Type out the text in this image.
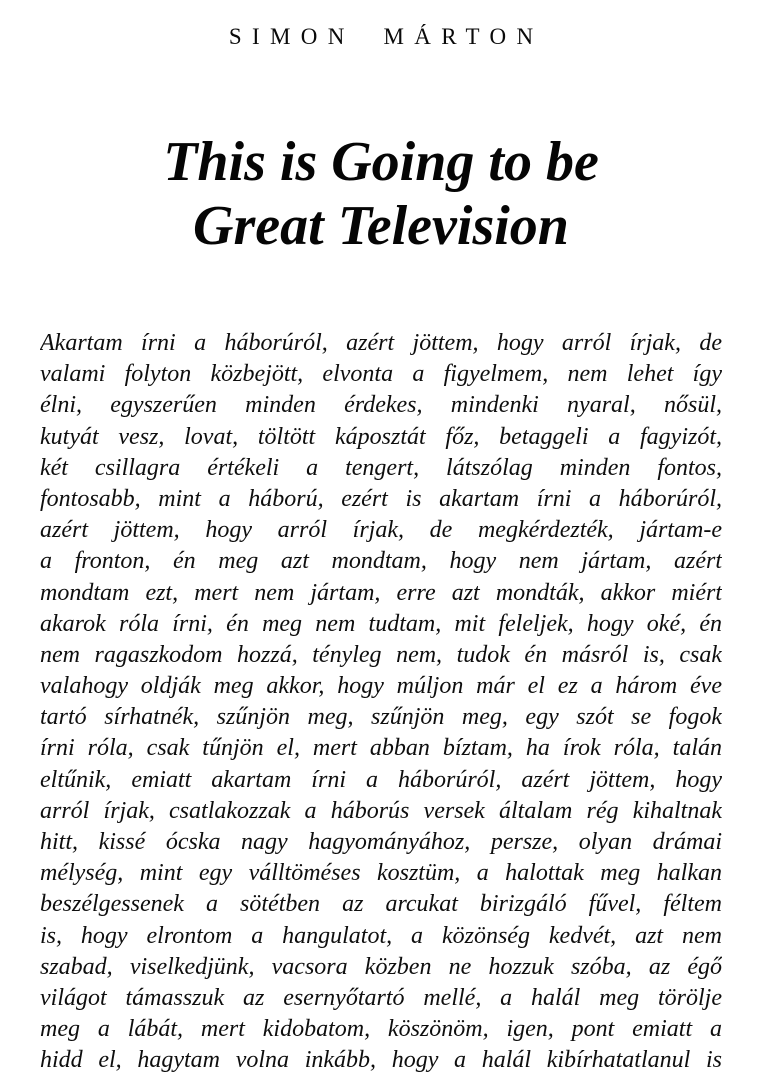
SIMON MÁRTON
This is Going to be
Great Television
Akartam írni a háborúról, azért jöttem, hogy arról írjak, de
valami folyton közbejött, elvonta a figyelmem, nem lehet így
élni, egyszerűen minden érdekes, mindenki nyaral, nősül,
kutyát vesz, lovat, töltött káposztát főz, betaggeli a fagyizót,
két csillagra értékeli a tengert, látszólag minden fontos,
fontosabb, mint a háború, ezért is akartam írni a háborúról,
azért jöttem, hogy arról írjak, de megkérdezték, jártam-e
a fronton, én meg azt mondtam, hogy nem jártam, azért
mondtam ezt, mert nem jártam, erre azt mondták, akkor miért
akarok róla írni, én meg nem tudtam, mit feleljek, hogy oké, én
nem ragaszkodom hozzá, tényleg nem, tudok én másról is, csak
valahogy oldják meg akkor, hogy múljon már el ez a három éve
tartó sírhatnék, szűnjön meg, szűnjön meg, egy szót se fogok
írni róla, csak tűnjön el, mert abban bíztam, ha írok róla, talán
eltűnik, emiatt akartam írni a háborúról, azért jöttem, hogy
arról írjak, csatlakozzak a háborús versek általam rég kihaltnak
hitt, kissé ócska nagy hagyományához, persze, olyan drámai
mélység, mint egy válltöméses kosztüm, a halottak meg halkan
beszélgessenek a sötétben az arcukat birizgáló fűvel, féltem
is, hogy elrontom a hangulatot, a közönség kedvét, azt nem
szabad, viselkedjünk, vacsora közben ne hozzuk szóba, az égő
világot támasszuk az esernyőtartó mellé, a halál meg törölje
meg a lábát, mert kidobatom, köszönöm, igen, pont emiatt a
hidd el, hagytam volna inkább, hogy a halál kibírhatatlanul is
